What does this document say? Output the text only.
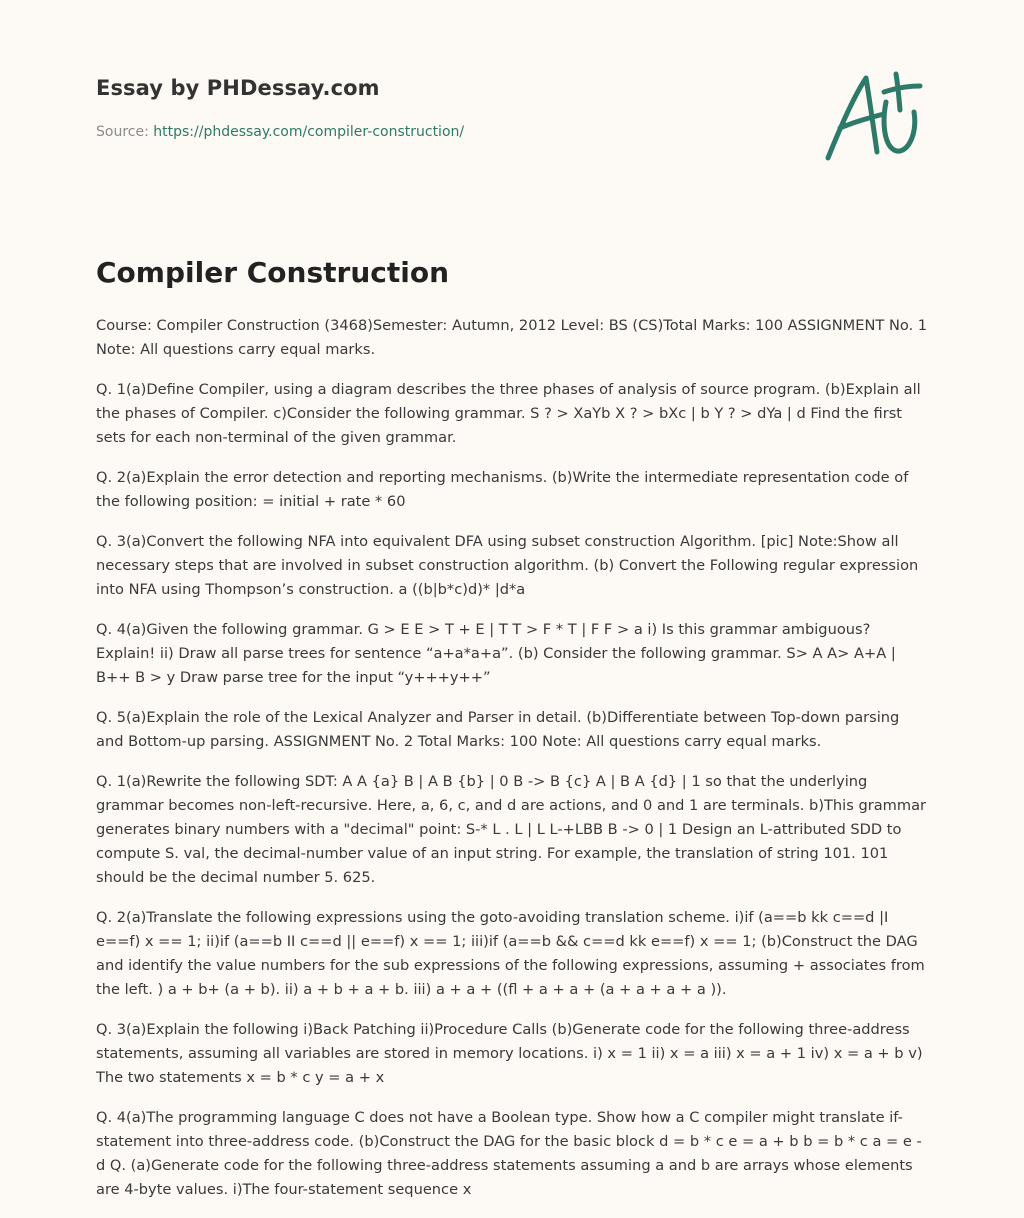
Essay by PHDessay.com
Source: https://phdessay.com/compiler-construction/
Compiler Construction

Course: Compiler Construction (3468)Semester: Autumn, 2012 Level: BS (CS)Total Marks: 100 ASSIGNMENT No. 1 Note: All questions carry equal marks.

Q. 1(a)Define Compiler, using a diagram describes the three phases of analysis of source program. (b)Explain all the phases of Compiler. c)Consider the following grammar. S ? > XaYb X ? > bXc | b Y ? > dYa | d Find the first sets for each non-terminal of the given grammar.

Q. 2(a)Explain the error detection and reporting mechanisms. (b)Write the intermediate representation code of the following position: = initial + rate * 60

Q. 3(a)Convert the following NFA into equivalent DFA using subset construction Algorithm. [pic] Note:Show all necessary steps that are involved in subset construction algorithm. (b) Convert the Following regular expression into NFA using Thompson’s construction. a ((b|b*c)d)* |d*a

Q. 4(a)Given the following grammar. G > E E > T + E | T T > F * T | F F > a i) Is this grammar ambiguous? Explain! ii) Draw all parse trees for sentence “a+a*a+a”. (b) Consider the following grammar. S> A A> A+A | B++ B > y Draw parse tree for the input “y+++y++”

Q. 5(a)Explain the role of the Lexical Analyzer and Parser in detail. (b)Differentiate between Top-down parsing and Bottom-up parsing. ASSIGNMENT No. 2 Total Marks: 100 Note: All questions carry equal marks.

Q. 1(a)Rewrite the following SDT: A A {a} B | A B {b} | 0 B -> B {c} A | B A {d} | 1 so that the underlying grammar becomes non-left-recursive. Here, a, 6, c, and d are actions, and 0 and 1 are terminals. b)This grammar generates binary numbers with a "decimal" point: S-* L . L | L L-+LBB B -> 0 | 1 Design an L-attributed SDD to compute S. val, the decimal-number value of an input string. For example, the translation of string 101. 101 should be the decimal number 5. 625.

Q. 2(a)Translate the following expressions using the goto-avoiding translation scheme. i)if (a==b kk c==d |I e==f) x == 1; ii)if (a==b II c==d || e==f) x == 1; iii)if (a==b && c==d kk e==f) x == 1; (b)Construct the DAG and identify the value numbers for the sub expressions of the following expressions, assuming + associates from the left. ) a + b+ (a + b). ii) a + b + a + b. iii) a + a + ((fl + a + a + (a + a + a + a )).

Q. 3(a)Explain the following i)Back Patching ii)Procedure Calls (b)Generate code for the following three-address statements, assuming all variables are stored in memory locations. i) x = 1 ii) x = a iii) x = a + 1 iv) x = a + b v) The two statements x = b * c y = a + x

Q. 4(a)The programming language C does not have a Boolean type. Show how a C compiler might translate if-statement into three-address code. (b)Construct the DAG for the basic block d = b * c e = a + b b = b * c a = e - d Q. (a)Generate code for the following three-address statements assuming a and b are arrays whose elements are 4-byte values. i)The four-statement sequence x
